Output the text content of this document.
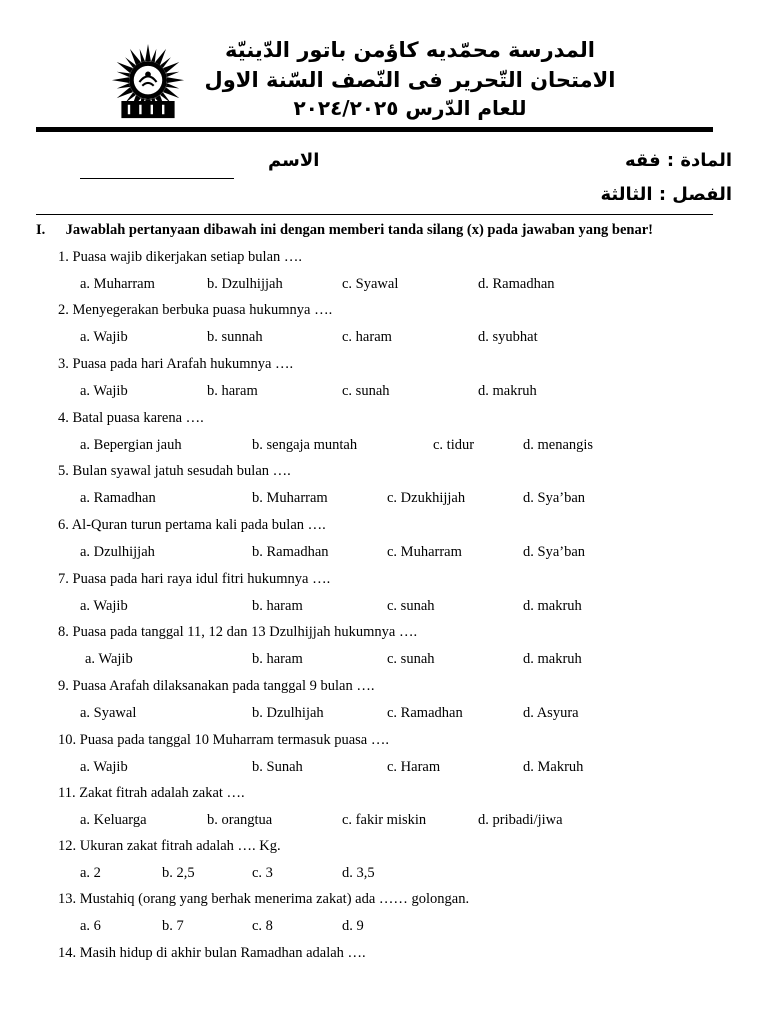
المدرسة محمّديه كاؤمن باتور الدّينيّة
الامتحان التّحرير فى النّصف السّنة الاول
للعام الدّرس ٢٠٢٤/٢٠٢٥
المادة : فقه
الفصل : الثالثة
الاسم
I. Jawablah pertanyaan dibawah ini dengan memberi tanda silang (x) pada jawaban yang benar!
1. Puasa wajib dikerjakan setiap bulan ….
a. Muharram	b. Dzulhijjah	c. Syawal	d. Ramadhan
2. Menyegerakan berbuka puasa hukumnya ….
a. Wajib	b. sunnah	c. haram	d. syubhat
3. Puasa pada hari Arafah hukumnya ….
a. Wajib	b. haram	c. sunah	d. makruh
4. Batal puasa karena ….
a. Bepergian jauh	b. sengaja muntah	c. tidur	d. menangis
5. Bulan syawal jatuh sesudah bulan ….
a. Ramadhan	b. Muharram	c. Dzukhijjah	d. Sya’ban
6. Al-Quran turun pertama kali pada bulan ….
a. Dzulhijjah	b. Ramadhan	c. Muharram	d. Sya’ban
7. Puasa pada hari raya idul fitri hukumnya ….
a. Wajib	b. haram	c. sunah	d. makruh
8. Puasa pada tanggal 11, 12 dan 13 Dzulhijjah hukumnya ….
a. Wajib	b. haram	c. sunah	d. makruh
9. Puasa Arafah dilaksanakan pada tanggal 9 bulan ….
a. Syawal	b. Dzulhijah	c. Ramadhan	d. Asyura
10. Puasa pada tanggal 10 Muharram termasuk puasa ….
a. Wajib	b. Sunah	c. Haram	d. Makruh
11. Zakat fitrah adalah zakat ….
a. Keluarga	b. orangtua	c. fakir miskin	d. pribadi/jiwa
12. Ukuran zakat fitrah adalah …. Kg.
a. 2	b. 2,5	c. 3	d. 3,5
13. Mustahiq (orang yang berhak menerima zakat) ada …… golongan.
a. 6	b. 7	c. 8	d. 9
14. Masih hidup di akhir bulan Ramadhan adalah ….
